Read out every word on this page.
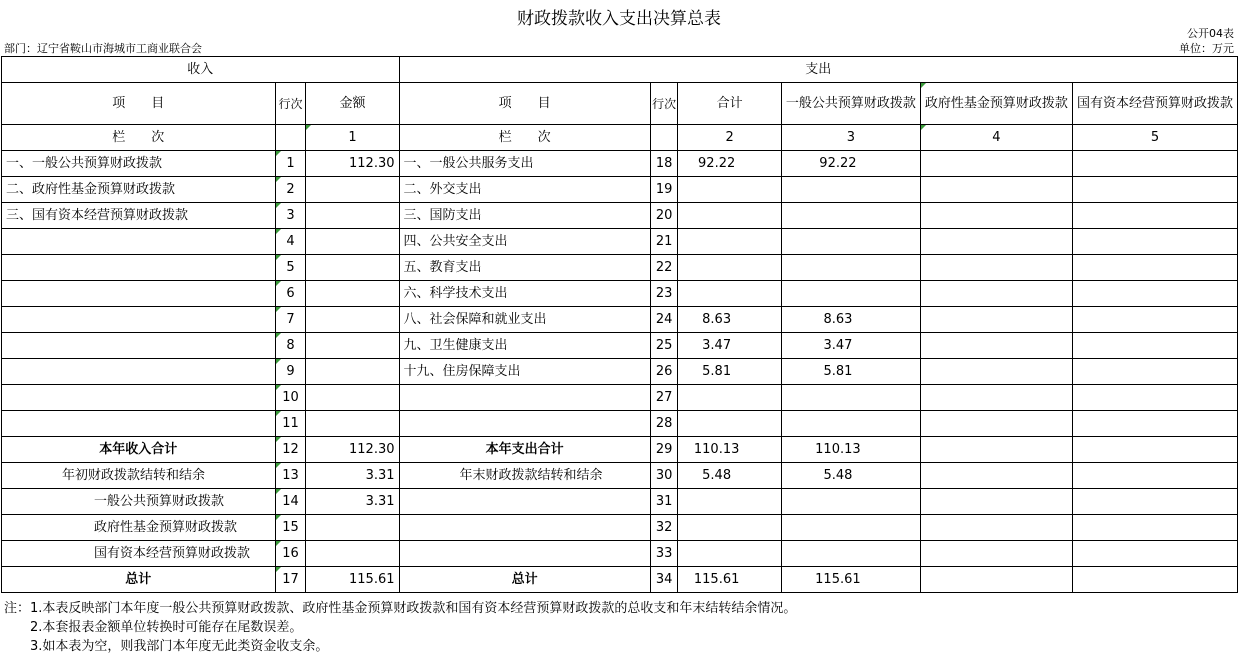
财政拨款收入支出决算总表
公开04表
部门：辽宁省鞍山市海城市工商业联合会	单位：万元
收入			支出					
项　　目	行次	金额	项　　目	行次	合计	一般公共预算财政拨款	政府性基金预算财政拨款	国有资本经营预算财政拨款
栏　　次		1	栏　　次		2	3	4	5
一、一般公共预算财政拨款	1	112.30	一、一般公共服务支出	18	92.22	92.22		
二、政府性基金预算财政拨款	2		二、外交支出	19				
三、国有资本经营预算财政拨款	3		三、国防支出	20				
	4		四、公共安全支出	21				
	5		五、教育支出	22				
	6		六、科学技术支出	23				
	7		八、社会保障和就业支出	24	8.63	8.63		
	8		九、卫生健康支出	25	3.47	3.47		
	9		十九、住房保障支出	26	5.81	5.81		
	10			27				
	11			28				
本年收入合计	12	112.30	本年支出合计	29	110.13	110.13		
年初财政拨款结转和结余	13	3.31	年末财政拨款结转和结余	30	5.48	5.48		
一般公共预算财政拨款	14	3.31		31				
政府性基金预算财政拨款	15			32				
国有资本经营预算财政拨款	16			33				
总计	17	115.61	总计	34	115.61	115.61		
注：1.本表反映部门本年度一般公共预算财政拨款、政府性基金预算财政拨款和国有资本经营预算财政拨款的总收支和年末结转结余情况。
　　2.本套报表金额单位转换时可能存在尾数误差。
　　3.如本表为空，则我部门本年度无此类资金收支余。
